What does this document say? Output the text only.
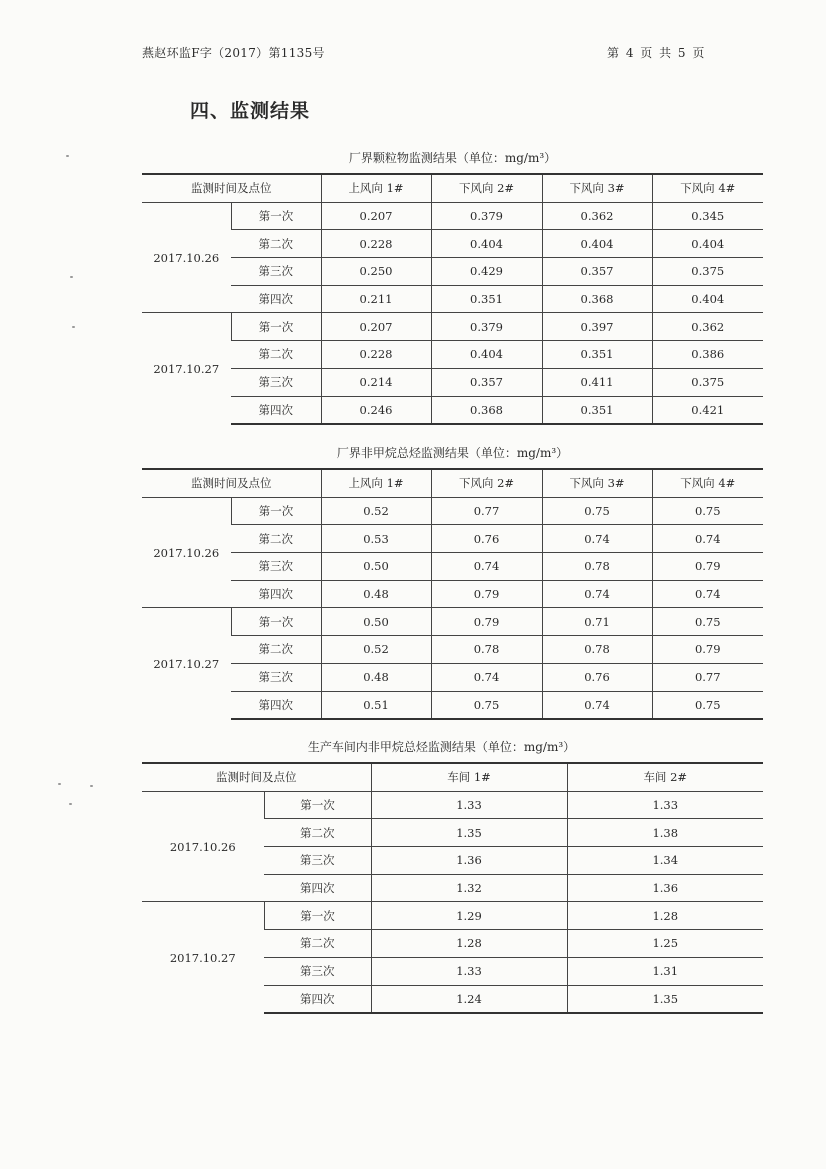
燕赵环监F字（2017）第1135号	第 4 页 共 5 页
四、监测结果
厂界颗粒物监测结果（单位：mg/m³）
监测时间及点位		上风向 1#	下风向 2#	下风向 3#	下风向 4#
2017.10.26	第一次	0.207	0.379	0.362	0.345
	第二次	0.228	0.404	0.404	0.404
	第三次	0.250	0.429	0.357	0.375
	第四次	0.211	0.351	0.368	0.404
2017.10.27	第一次	0.207	0.379	0.397	0.362
	第二次	0.228	0.404	0.351	0.386
	第三次	0.214	0.357	0.411	0.375
	第四次	0.246	0.368	0.351	0.421
厂界非甲烷总烃监测结果（单位：mg/m³）
监测时间及点位		上风向 1#	下风向 2#	下风向 3#	下风向 4#
2017.10.26	第一次	0.52	0.77	0.75	0.75
	第二次	0.53	0.76	0.74	0.74
	第三次	0.50	0.74	0.78	0.79
	第四次	0.48	0.79	0.74	0.74
2017.10.27	第一次	0.50	0.79	0.71	0.75
	第二次	0.52	0.78	0.78	0.79
	第三次	0.48	0.74	0.76	0.77
	第四次	0.51	0.75	0.74	0.75
生产车间内非甲烷总烃监测结果（单位：mg/m³）
监测时间及点位		车间 1#	车间 2#
2017.10.26	第一次	1.33	1.33
	第二次	1.35	1.38
	第三次	1.36	1.34
	第四次	1.32	1.36
2017.10.27	第一次	1.29	1.28
	第二次	1.28	1.25
	第三次	1.33	1.31
	第四次	1.24	1.35
